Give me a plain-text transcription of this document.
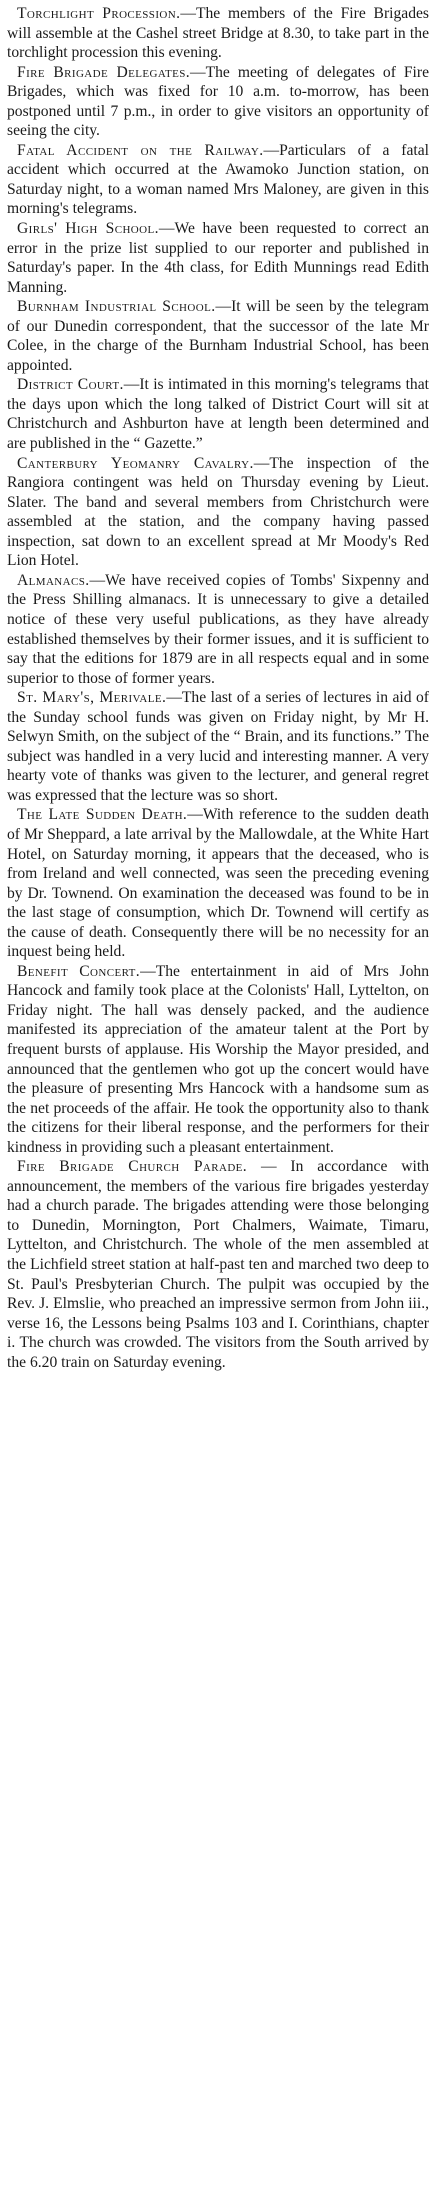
Torchlight Procession.—The members of the Fire Brigades will assemble at the Cashel street Bridge at 8.30, to take part in the torchlight procession this evening.

Fire Brigade Delegates.—The meeting of delegates of Fire Brigades, which was fixed for 10 a.m. to-morrow, has been postponed until 7 p.m., in order to give visitors an opportunity of seeing the city.

Fatal Accident on the Railway.—Particulars of a fatal accident which occurred at the Awamoko Junction station, on Saturday night, to a woman named Mrs Maloney, are given in this morning's telegrams.

Girls' High School.—We have been requested to correct an error in the prize list supplied to our reporter and published in Saturday's paper. In the 4th class, for Edith Munnings read Edith Manning.

Burnham Industrial School.—It will be seen by the telegram of our Dunedin correspondent, that the successor of the late Mr Colee, in the charge of the Burnham Industrial School, has been appointed.

District Court.—It is intimated in this morning's telegrams that the days upon which the long talked of District Court will sit at Christchurch and Ashburton have at length been determined and are published in the “ Gazette.”

Canterbury Yeomanry Cavalry.—The inspection of the Rangiora contingent was held on Thursday evening by Lieut. Slater. The band and several members from Christchurch were assembled at the station, and the company having passed inspection, sat down to an excellent spread at Mr Moody's Red Lion Hotel.

Almanacs.—We have received copies of Tombs' Sixpenny and the Press Shilling almanacs. It is unnecessary to give a detailed notice of these very useful publications, as they have already established themselves by their former issues, and it is sufficient to say that the editions for 1879 are in all respects equal and in some superior to those of former years.

St. Mary's, Merivale.—The last of a series of lectures in aid of the Sunday school funds was given on Friday night, by Mr H. Selwyn Smith, on the subject of the “ Brain, and its functions.” The subject was handled in a very lucid and interesting manner. A very hearty vote of thanks was given to the lecturer, and general regret was expressed that the lecture was so short.

The Late Sudden Death.—With reference to the sudden death of Mr Sheppard, a late arrival by the Mallowdale, at the White Hart Hotel, on Saturday morning, it appears that the deceased, who is from Ireland and well connected, was seen the preceding evening by Dr. Townend. On examination the deceased was found to be in the last stage of consumption, which Dr. Townend will certify as the cause of death. Consequently there will be no necessity for an inquest being held.

Benefit Concert.—The entertainment in aid of Mrs John Hancock and family took place at the Colonists' Hall, Lyttelton, on Friday night. The hall was densely packed, and the audience manifested its appreciation of the amateur talent at the Port by frequent bursts of applause. His Worship the Mayor presided, and announced that the gentlemen who got up the concert would have the pleasure of presenting Mrs Hancock with a handsome sum as the net proceeds of the affair. He took the opportunity also to thank the citizens for their liberal response, and the performers for their kindness in providing such a pleasant entertainment.

Fire Brigade Church Parade. — In accordance with announcement, the members of the various fire brigades yesterday had a church parade. The brigades attending were those belonging to Dunedin, Mornington, Port Chalmers, Waimate, Timaru, Lyttelton, and Christchurch. The whole of the men assembled at the Lichfield street station at half-past ten and marched two deep to St. Paul's Presbyterian Church. The pulpit was occupied by the Rev. J. Elmslie, who preached an impressive sermon from John iii., verse 16, the Lessons being Psalms 103 and I. Corinthians, chapter i. The church was crowded. The visitors from the South arrived by the 6.20 train on Saturday evening.
